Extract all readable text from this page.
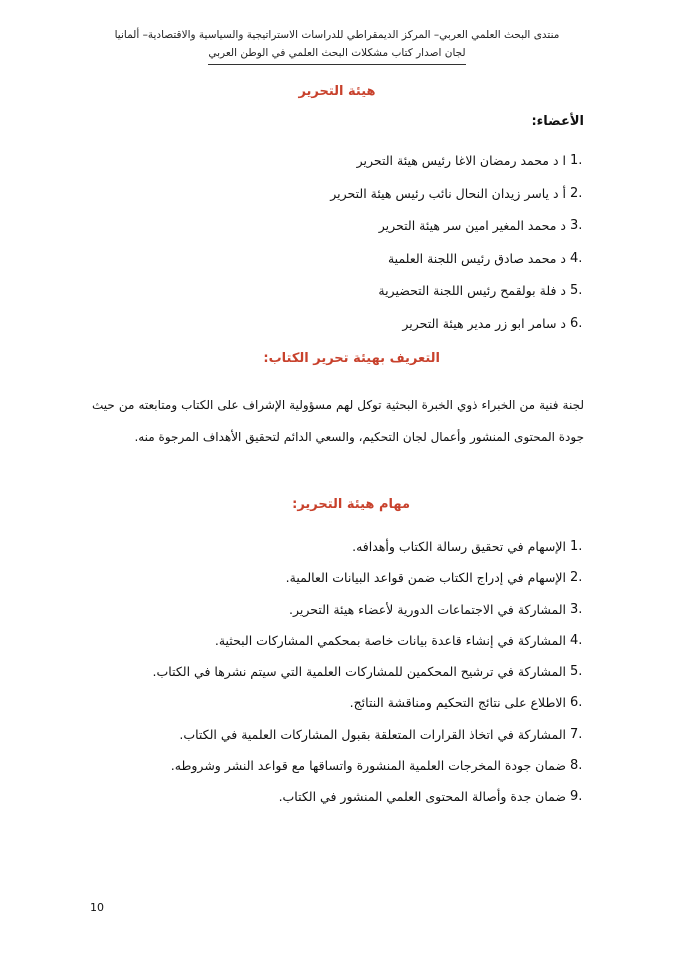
منتدى البحث العلمي العربي– المركز الديمقراطي للدراسات الاستراتيجية والسياسية والاقتصادية– ألمانيا
لجان اصدار كتاب مشكلات البحث العلمي في الوطن العربي
هيئة التحرير
الأعضاء:
1.
ا د محمد رمضان الاغا رئيس هيئة التحرير
2.
أ د ياسر زيدان النحال نائب رئيس هيئة التحرير
3.
د محمد المغير امين سر هيئة التحرير
4.
د محمد صادق رئيس اللجنة العلمية
5.
د فلة بولقمح رئيس اللجنة التحضيرية
6.
د سامر ابو زر مدير هيئة التحرير
التعريف بهيئة تحرير الكتاب:
لجنة فنية من الخبراء ذوي الخبرة البحثية توكل لهم مسؤولية الإشراف على الكتاب ومتابعته من حيث جودة المحتوى المنشور وأعمال لجان التحكيم، والسعي الدائم لتحقيق الأهداف المرجوة منه.
مهام هيئة التحرير:
1.
الإسهام في تحقيق رسالة الكتاب وأهدافه.
2.
الإسهام في إدراج الكتاب ضمن قواعد البيانات العالمية.
3.
المشاركة في الاجتماعات الدورية لأعضاء هيئة التحرير.
4.
المشاركة في إنشاء قاعدة بيانات خاصة بمحكمي المشاركات البحثية.
5.
المشاركة في ترشيح المحكمين للمشاركات العلمية التي سيتم نشرها في الكتاب.
6.
الاطلاع على نتائج التحكيم ومناقشة النتائج.
7.
المشاركة في اتخاذ القرارات المتعلقة بقبول المشاركات العلمية في الكتاب.
8.
ضمان جودة المخرجات العلمية المنشورة واتساقها مع قواعد النشر وشروطه.
9.
ضمان جدة وأصالة المحتوى العلمي المنشور في الكتاب.
10
